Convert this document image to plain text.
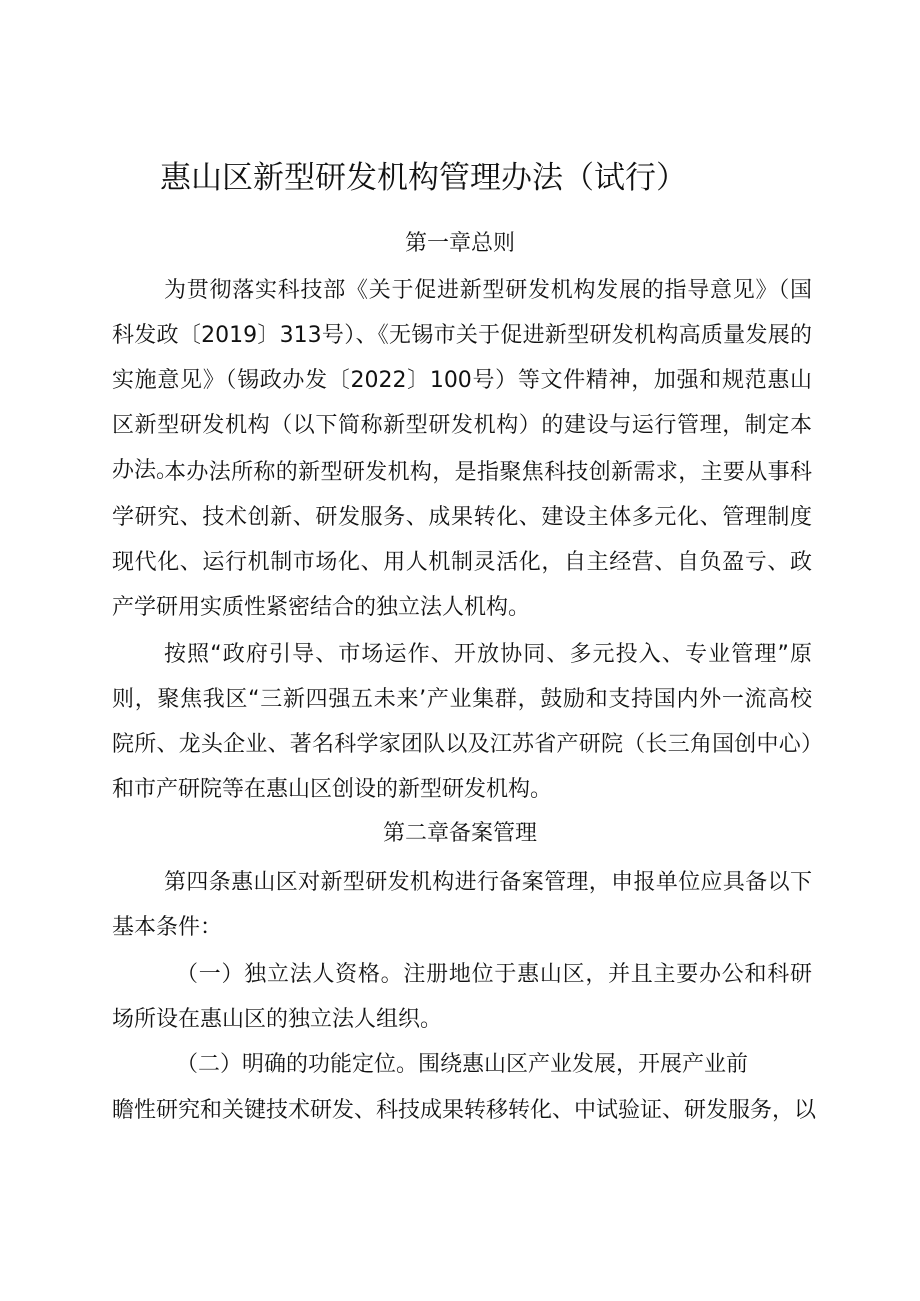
惠山区新型研发机构管理办法（试行）
第一章总则
为贯彻落实科技部《关于促进新型研发机构发展的指导意见》（国科发政〔2019〕313号）、《无锡市关于促进新型研发机构高质量发展的实施意见》（锡政办发〔2022〕100号）等文件精神，加强和规范惠山区新型研发机构（以下简称新型研发机构）的建设与运行管理，制定本办法。
本办法所称的新型研发机构，是指聚焦科技创新需求，主要从事科学研究、技术创新、研发服务、成果转化、建设主体多元化、管理制度现代化、运行机制市场化、用人机制灵活化，自主经营、自负盈亏、政产学研用实质性紧密结合的独立法人机构。
按照“政府引导、市场运作、开放协同、多元投入、专业管理”原则，聚焦我区“三新四强五未来’产业集群，鼓励和支持国内外一流高校院所、龙头企业、著名科学家团队以及江苏省产研院（长三角国创中心）和市产研院等在惠山区创设的新型研发机构。
第二章备案管理
第四条惠山区对新型研发机构进行备案管理，申报单位应具备以下基本条件：
（一）独立法人资格。注册地位于惠山区，并且主要办公和科研场所设在惠山区的独立法人组织。
（二）明确的功能定位。围绕惠山区产业发展，开展产业前
瞻性研究和关键技术研发、科技成果转移转化、中试验证、研发服务，以
